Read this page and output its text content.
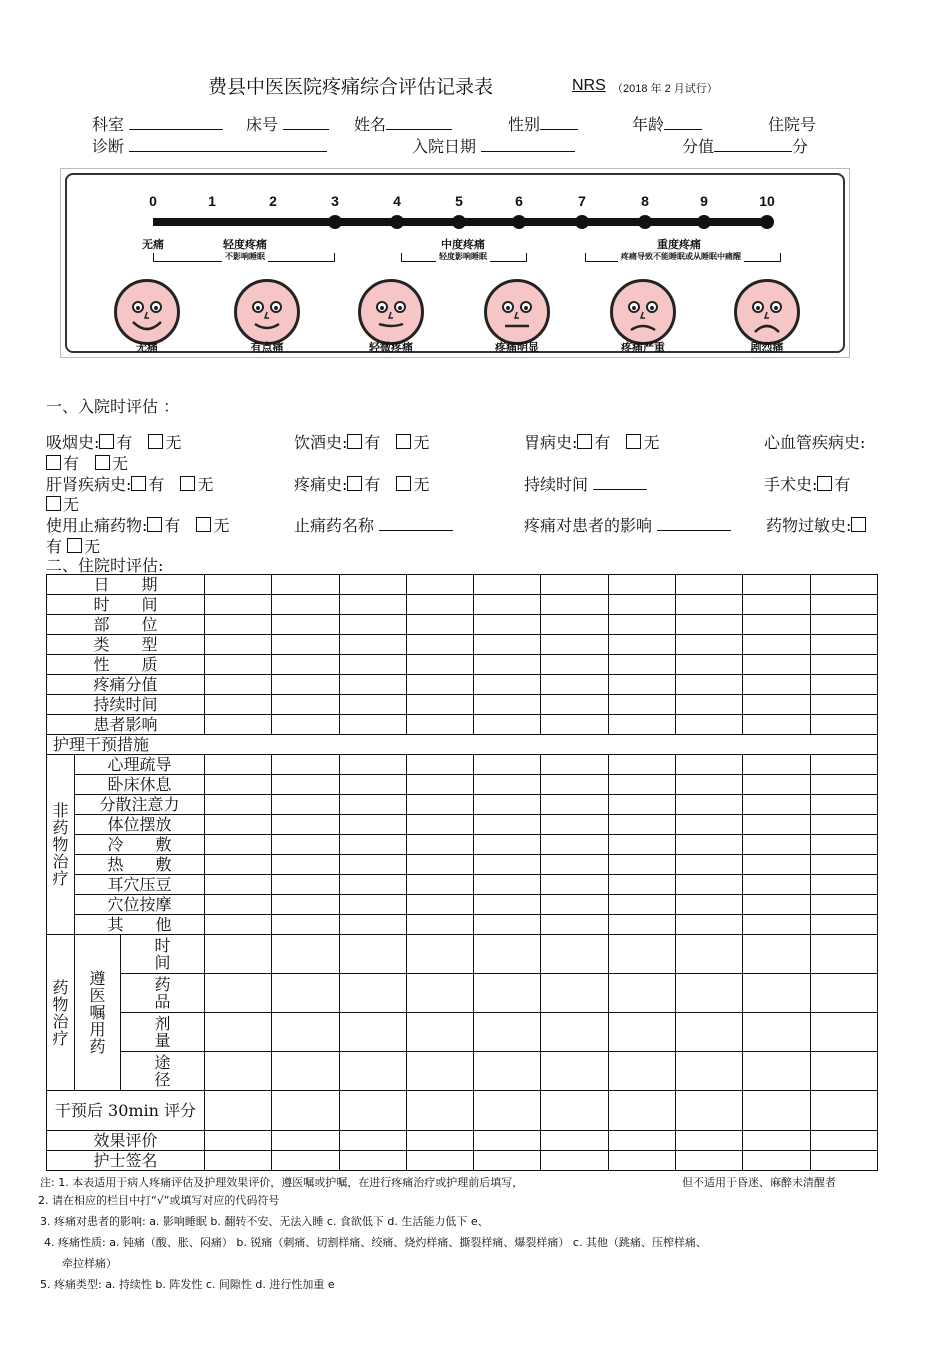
费县中医医院疼痛综合评估记录表	NRS （2018 年 2 月试行）
科室	床号	姓名	性别	年龄	住院号
诊断	入院日期	分值	分
0	1	2	3	4	5	6	7	8	9	10
无痛	轻度疼痛	中度疼痛	重度疼痛
不影响睡眠	轻度影响睡眠	疼痛导致不能睡眠或从睡眠中痛醒
无痛	有点痛	轻微疼痛	疼痛明显	疼痛严重	剧烈痛
一、入院时评估 ：
吸烟史: 有　 无	饮酒史: 有　 无	胃病史: 有　 无	心血管疾病史:
有　 无
肝肾疾病史: 有　 无	疼痛史: 有　 无	持续时间	手术史: 有
无
使用止痛药物: 有　 无	止痛药名称	疼痛对患者的影响	药物过敏史:
有 无
二、住院时评估:
日　　期												
时　　间												
部　　位												
类　　型												
性　　质												
疼痛分值												
持续时间												
患者影响												
护理干预措施												
非药物治疗	心理疏导											
	卧床休息											
	分散注意力											
	体位摆放											
	冷　　敷											
	热　　敷											
	耳穴压豆											
	穴位按摩											
	其　　他											
药物治疗	遵医嘱用药	时间										
		药品										
		剂量										
		途径										
干预后 30min 评分												
效果评价												
护士签名												
注: 1. 本表适用于病人疼痛评估及护理效果评价，遵医嘱或护嘱，在进行疼痛治疗或护理前后填写，	但不适用于昏迷、麻醉未清醒者
2. 请在相应的栏目中打“√”或填写对应的代码符号
3. 疼痛对患者的影响: a. 影响睡眠 b. 翻转不安、无法入睡 c. 食欲低下 d. 生活能力低下 e、
4. 疼痛性质: a. 钝痛（酸、胀、闷痛） b. 锐痛（刺痛、切割样痛、绞痛、烧灼样痛、撕裂样痛、爆裂样痛） c. 其他（跳痛、压榨样痛、
牵拉样痛）
5. 疼痛类型: a. 持续性 b. 阵发性 c. 间隙性 d. 进行性加重 e
